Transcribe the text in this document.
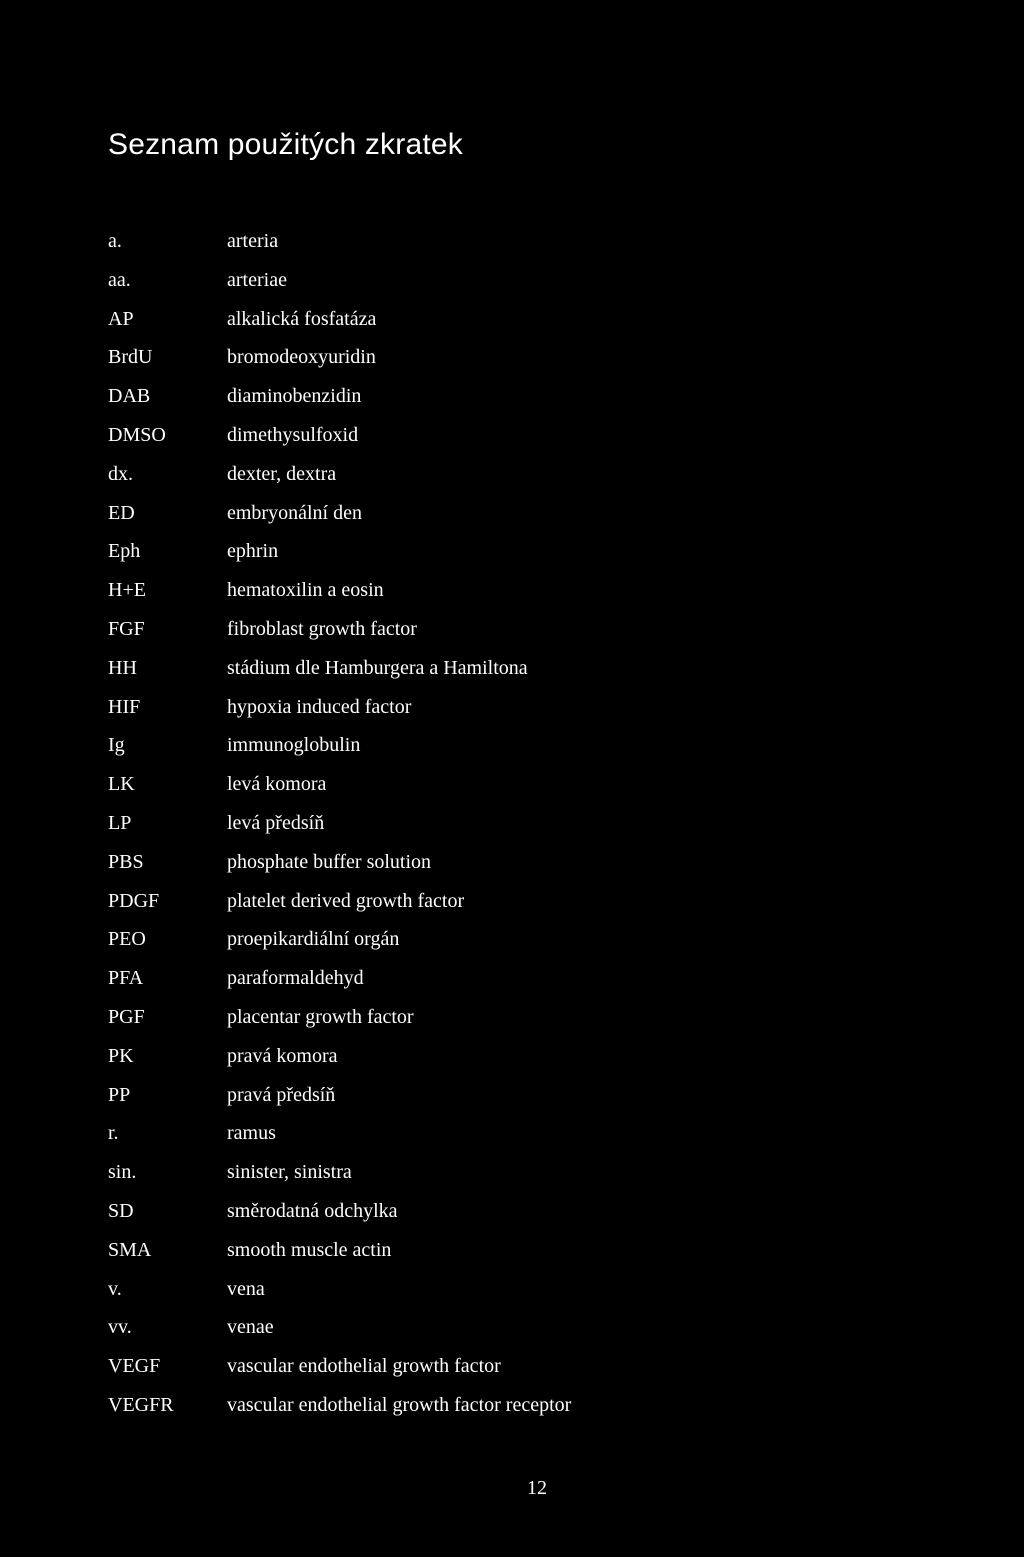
Seznam použitých zkratek
a.	arteria
aa.	arteriae
AP	alkalická fosfatáza
BrdU	bromodeoxyuridin
DAB	diaminobenzidin
DMSO	dimethysulfoxid
dx.	dexter, dextra
ED	embryonální den
Eph	ephrin
H+E	hematoxilin a eosin
FGF	fibroblast growth factor
HH	stádium dle Hamburgera a Hamiltona
HIF	hypoxia induced factor
Ig	immunoglobulin
LK	levá komora
LP	levá předsíň
PBS	phosphate buffer solution
PDGF	platelet derived growth factor
PEO	proepikardiální orgán
PFA	paraformaldehyd
PGF	placentar growth factor
PK	pravá komora
PP	pravá předsíň
r.	ramus
sin.	sinister, sinistra
SD	směrodatná odchylka
SMA	smooth muscle actin
v.	vena
vv.	venae
VEGF	vascular endothelial growth factor
VEGFR	vascular endothelial growth factor receptor
12
